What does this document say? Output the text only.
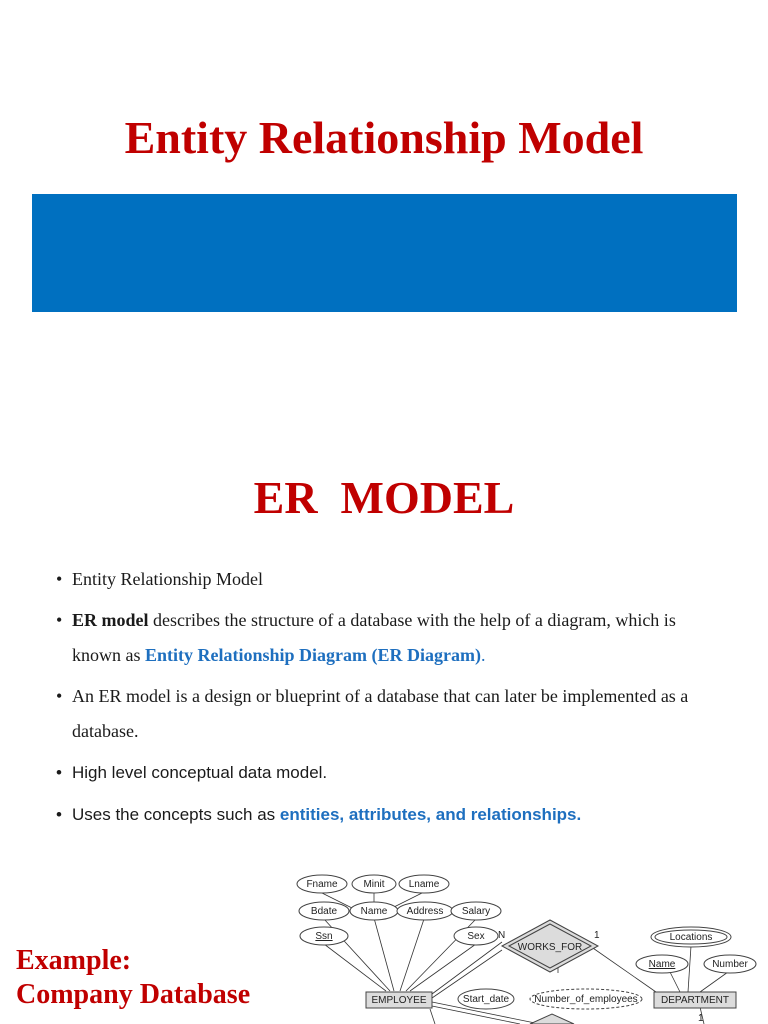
Entity Relationship Model
ER  MODEL
• Entity Relationship Model
• ER model describes the structure of a database with the help of a diagram, which is known as Entity Relationship Diagram (ER Diagram).
• An ER model is a design or blueprint of a database that can later be implemented as a database.
• High level conceptual data model.
• Uses the concepts such as entities, attributes, and relationships.
Example:
Company Database
Fname	Minit Lname
Bdate Name Address Salary
Ssn	Sex	Locations
Name	Number
Start_date	Number_of_employees
EMPLOYEE	DEPARTMENT
WORKS_FOR
N	1
1
